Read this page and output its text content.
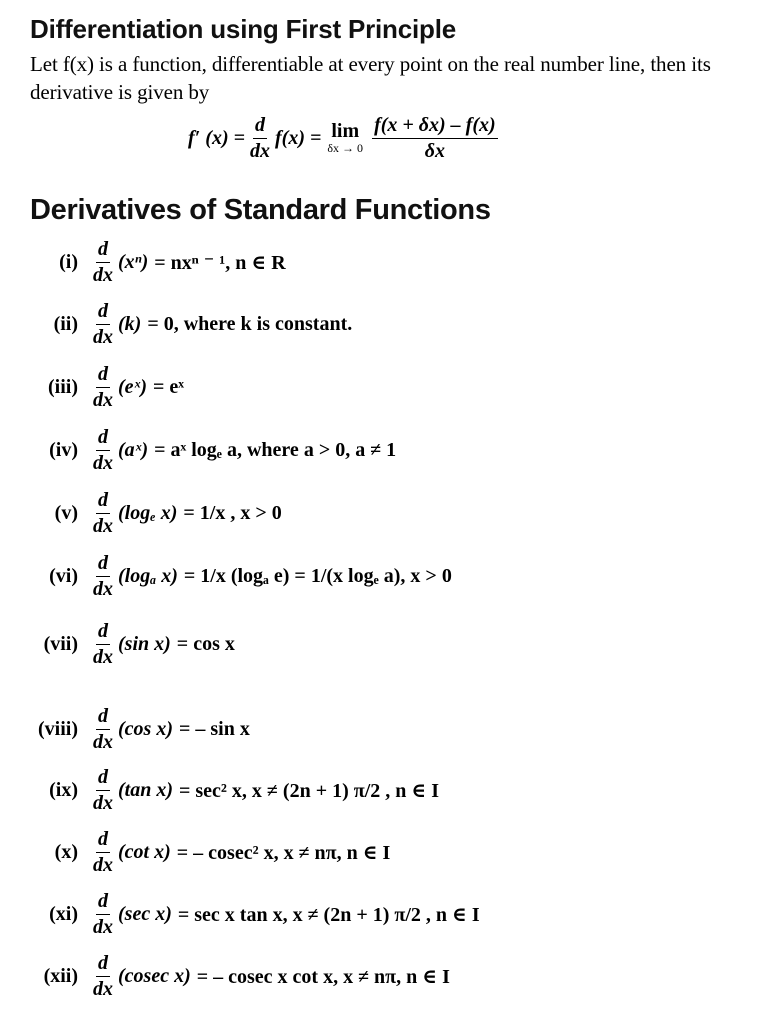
Differentiation using First Principle

Let f(x) is a function, differentiable at every point on the real number line, then its derivative is given by

f′ $(x) = \frac{d}{dx} f(x) = \lim$
$\delta x \to 0 \frac{f(x + \delta x) - f(x)}{\delta x}$
Derivatives of Standard Functions
$(i) \frac{d}{dx} (x^n) = nx^n$ ⁻ ¹, n ∈ R
$(ii) \frac{d}{dx} (k) = 0$, where k is constant.
$(iii) \frac{d}{dx}$ (eˣ) = eˣ
$(iv) \frac{d}{dx}$ (aˣ) = aˣ logₑ a, where a > 0, a ≠ 1
$(v) \frac{d}{dx} (\log_e$ x) = 1/x , x > 0
$(vi) \frac{d}{dx} (\log_a$ x) = 1/x (logₐ e) = 1/(x logₑ a), x > 0
$(vii) \frac{d}{dx} (\sin$ x) = cos x
(viii) $\frac{d}{dx} (\cos$ x) = – sin x
$(ix) \frac{d}{dx} (\tan$ x) = sec² x, x ≠ (2n + 1) π/2 , n ∈ I
$(x) \frac{d}{dx} (\cot$ x) = – cosec² x, x ≠ nπ, n ∈ I
$(xi) \frac{d}{dx} (\sec$ x) = sec x tan x, x ≠ (2n + 1) π/2 , n ∈ I
$(xii) \frac{d}{dx} (cosec$ x) = – cosec x cot x, x ≠ nπ, n ∈ I
